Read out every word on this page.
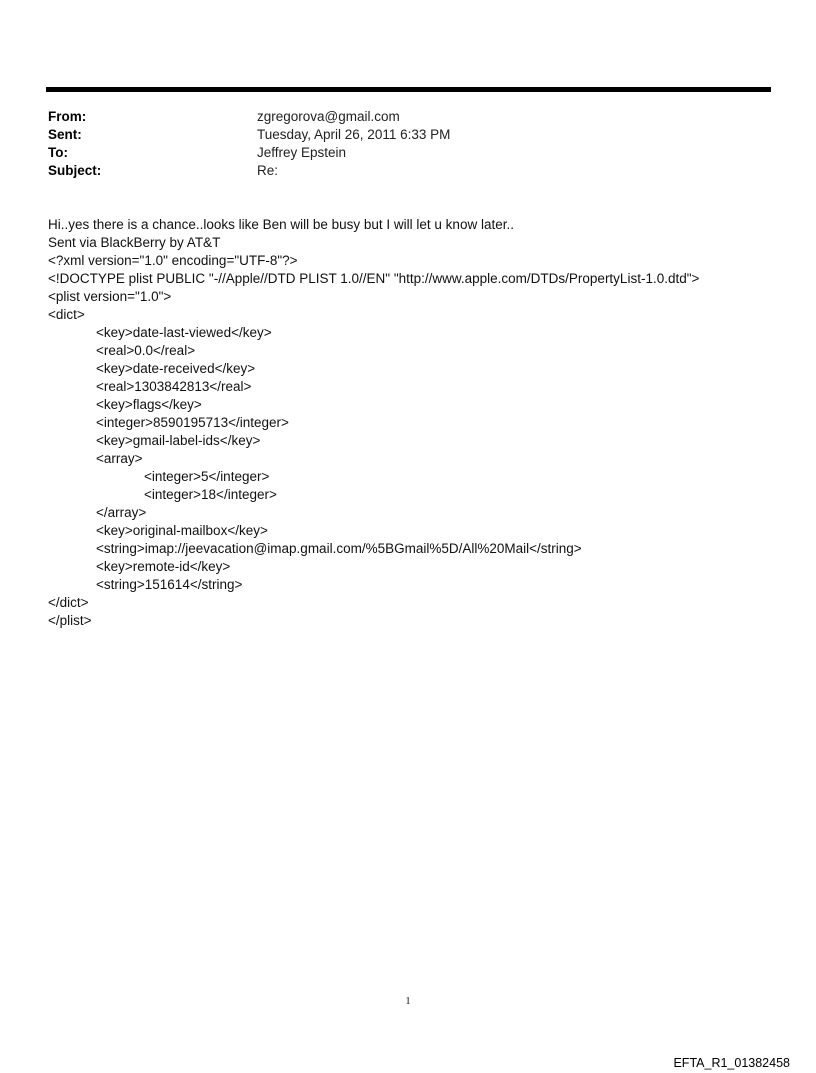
From:	zgregorova@gmail.com
Sent:	Tuesday, April 26, 2011 6:33 PM
To:	Jeffrey Epstein
Subject:	Re:
Hi..yes there is a chance..looks like Ben will be busy but I will let u know later..
Sent via BlackBerry by AT&T
<?xml version="1.0" encoding="UTF-8"?>
<!DOCTYPE plist PUBLIC "-//Apple//DTD PLIST 1.0//EN" "http://www.apple.com/DTDs/PropertyList-1.0.dtd">
<plist version="1.0">
<dict>
<key>date-last-viewed</key>
<real>0.0</real>
<key>date-received</key>
<real>1303842813</real>
<key>flags</key>
<integer>8590195713</integer>
<key>gmail-label-ids</key>
<array>
<integer>5</integer>
<integer>18</integer>
</array>
<key>original-mailbox</key>
<string>imap://jeevacation@imap.gmail.com/%5BGmail%5D/All%20Mail</string>
<key>remote-id</key>
<string>151614</string>
</dict>
</plist>
1
EFTA_R1_01382458
